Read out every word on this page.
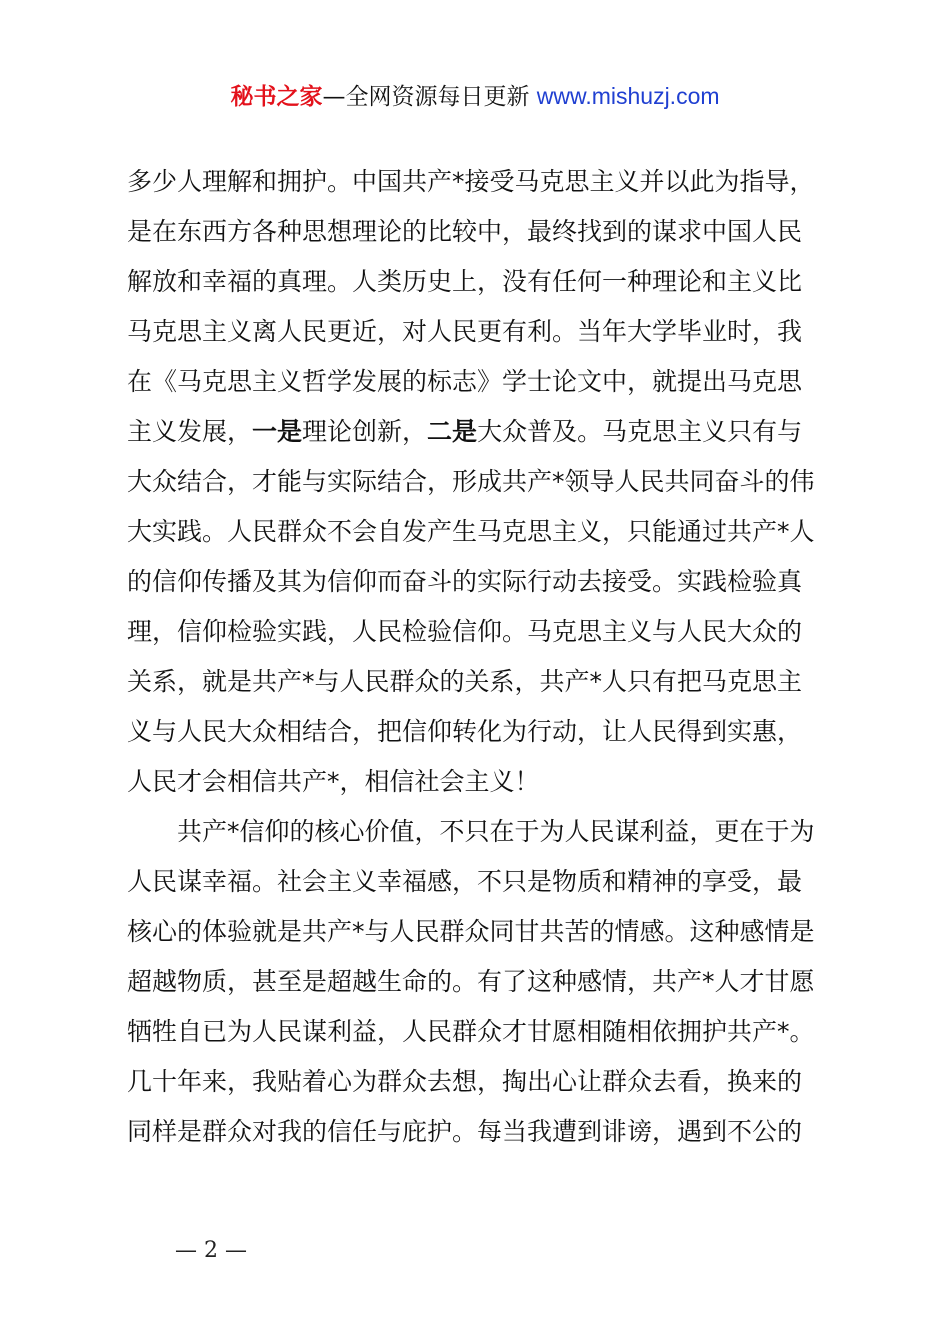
秘书之家—全网资源每日更新 www.mishuzj.com
多少人理解和拥护。中国共产*接受马克思主义并以此为指导，
是在东西方各种思想理论的比较中，最终找到的谋求中国人民
解放和幸福的真理。人类历史上，没有任何一种理论和主义比
马克思主义离人民更近，对人民更有利。当年大学毕业时，我
在《马克思主义哲学发展的标志》学士论文中，就提出马克思
主义发展，一是理论创新，二是大众普及。马克思主义只有与
大众结合，才能与实际结合，形成共产*领导人民共同奋斗的伟
大实践。人民群众不会自发产生马克思主义，只能通过共产*人
的信仰传播及其为信仰而奋斗的实际行动去接受。实践检验真
理，信仰检验实践，人民检验信仰。马克思主义与人民大众的
关系，就是共产*与人民群众的关系，共产*人只有把马克思主
义与人民大众相结合，把信仰转化为行动，让人民得到实惠，
人民才会相信共产*，相信社会主义！
共产*信仰的核心价值，不只在于为人民谋利益，更在于为
人民谋幸福。社会主义幸福感，不只是物质和精神的享受，最
核心的体验就是共产*与人民群众同甘共苦的情感。这种感情是
超越物质，甚至是超越生命的。有了这种感情，共产*人才甘愿
牺牲自已为人民谋利益，人民群众才甘愿相随相依拥护共产*。
几十年来，我贴着心为群众去想，掏出心让群众去看，换来的
同样是群众对我的信任与庇护。每当我遭到诽谤，遇到不公的
— 2 —
